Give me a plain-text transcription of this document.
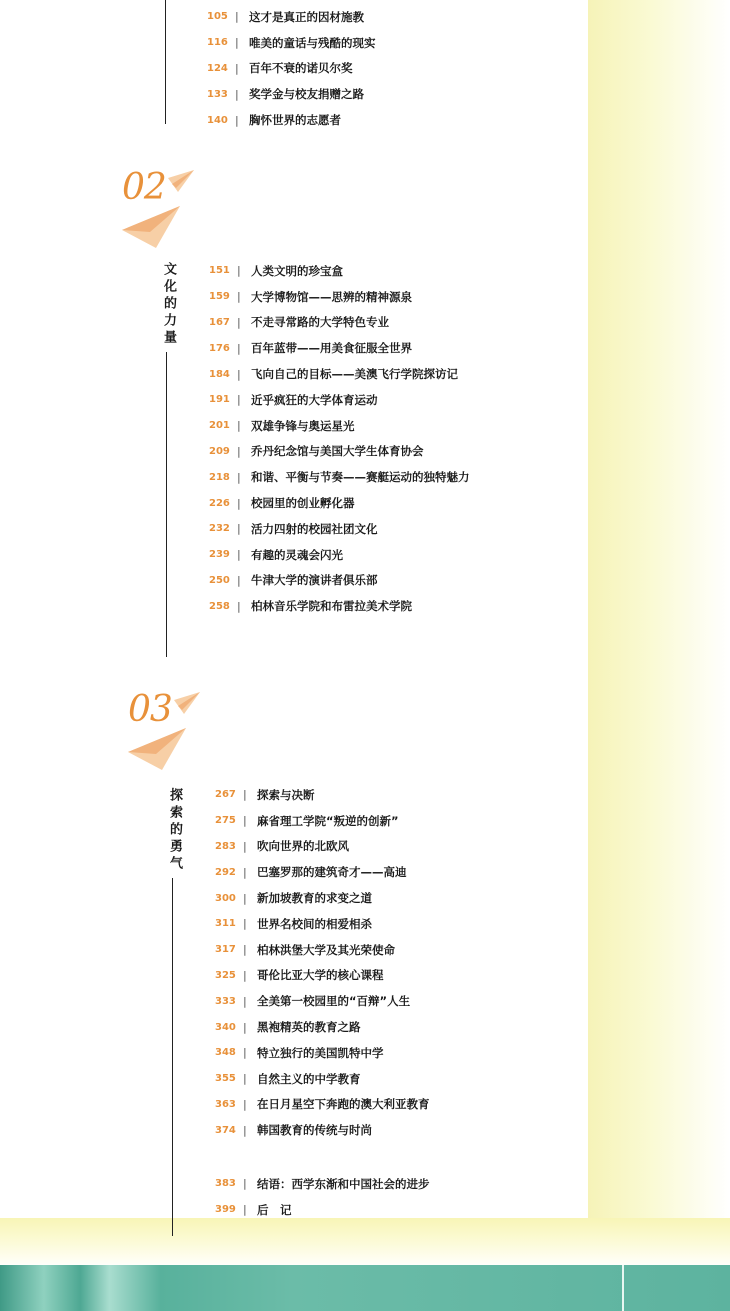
105 | 这才是真正的因材施教
116 | 唯美的童话与残酷的现实
124 | 百年不衰的诺贝尔奖
133 | 奖学金与校友捐赠之路
140 | 胸怀世界的志愿者
02
文化的力量	151 | 人类文明的珍宝盒
159 | 大学博物馆——思辨的精神源泉
167 | 不走寻常路的大学特色专业
176 | 百年蓝带——用美食征服全世界
184 | 飞向自己的目标——美澳飞行学院探访记
191 | 近乎疯狂的大学体育运动
201 | 双雄争锋与奥运星光
209 | 乔丹纪念馆与美国大学生体育协会
218 | 和谐、平衡与节奏——赛艇运动的独特魅力
226 | 校园里的创业孵化器
232 | 活力四射的校园社团文化
239 | 有趣的灵魂会闪光
250 | 牛津大学的演讲者俱乐部
258 | 柏林音乐学院和布雷拉美术学院
03
探索的勇气	267 | 探索与决断
275 | 麻省理工学院“叛逆的创新”
283 | 吹向世界的北欧风
292 | 巴塞罗那的建筑奇才——高迪
300 | 新加坡教育的求变之道
311 | 世界名校间的相爱相杀
317 | 柏林洪堡大学及其光荣使命
325 | 哥伦比亚大学的核心课程
333 | 全美第一校园里的“百辩”人生
340 | 黑袍精英的教育之路
348 | 特立独行的美国凯特中学
355 | 自然主义的中学教育
363 | 在日月星空下奔跑的澳大利亚教育
374 | 韩国教育的传统与时尚
383 | 结语：西学东渐和中国社会的进步
399 | 后　记
